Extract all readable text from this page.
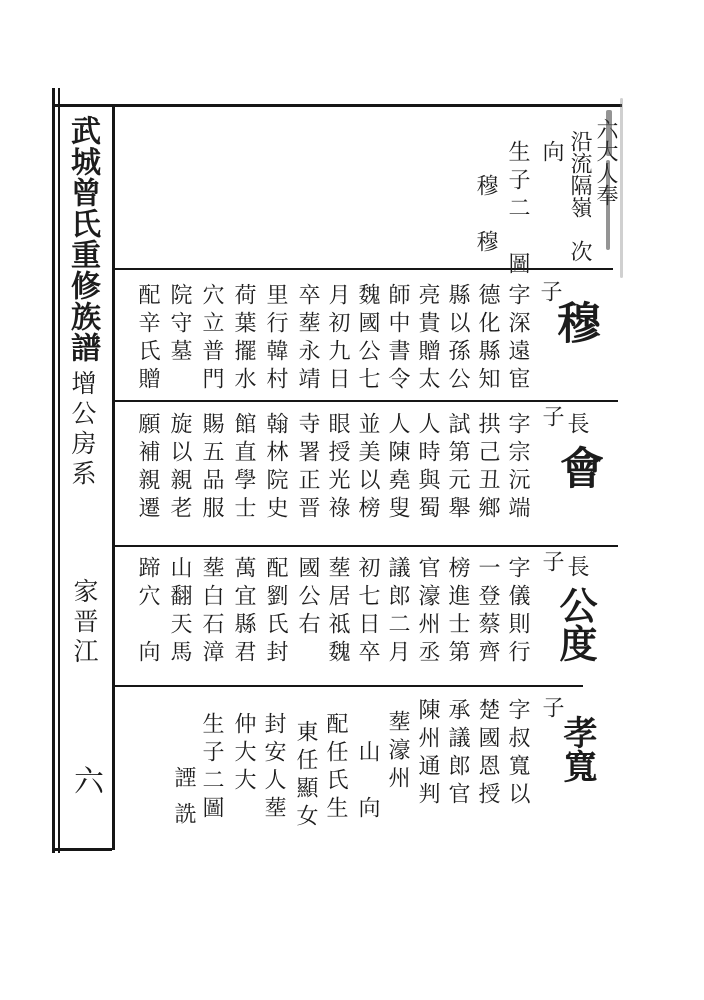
武城曾氏重修族譜
增公房系
家晋江
六
沿流隔嶺
次
向
生子二　圖
穆　穆
子
穆
字深遠宦
德化縣知
縣以孫公
亮貴贈太
師中書令
魏國公七
月初九日
卒塟永靖
里行韓村
荷葉擺水
穴立普門
院守墓
配辛氏贈
子 長
會
字宗沅端
拱己丑鄉
試第元舉
人時與蜀
人陳堯叟
並美以榜
眼授光祿
寺署正晋
翰林院史
館直學士
賜五品服
旋以親老
願補親遷
子 長
公度
字儀則行
一登蔡齊
榜進士第
官濠州丞
議郎二月
初七日卒
塟居祗魏
國公右
配劉氏封
萬宜縣君
塟白石漳
山翻天馬
蹄穴　向
子
孝寬
字叔寬以
楚國恩授
承議郎官
陳州通判
塟濠州
山　向
配任氏生
東任顯女
封安人塟
仲大大
生子二圖
諲
詵
